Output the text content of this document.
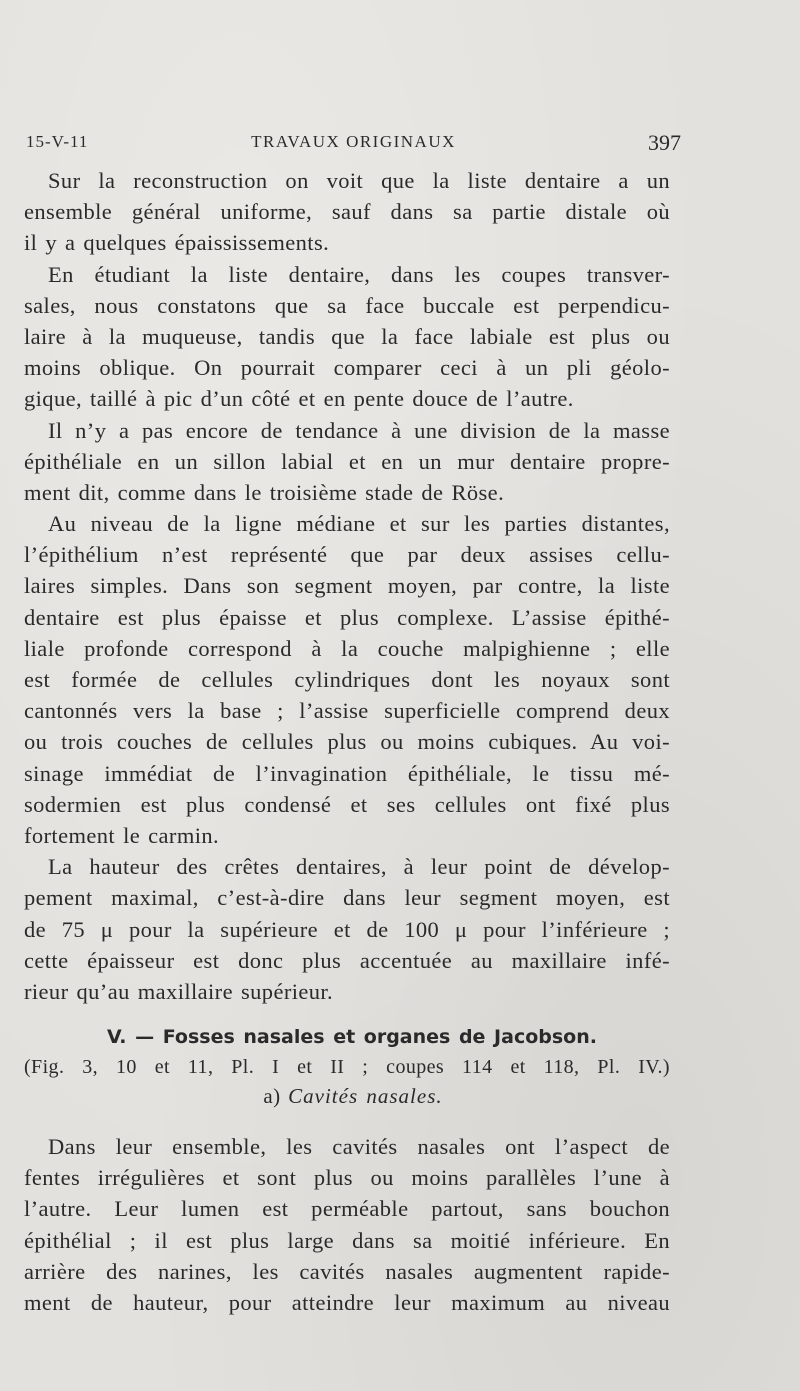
15-V-11	TRAVAUX ORIGINAUX	397
Sur la reconstruction on voit que la liste dentaire a un
ensemble général uniforme, sauf dans sa partie distale où
il y a quelques épaississements.
En étudiant la liste dentaire, dans les coupes transver-
sales, nous constatons que sa face buccale est perpendicu-
laire à la muqueuse, tandis que la face labiale est plus ou
moins oblique. On pourrait comparer ceci à un pli géolo-
gique, taillé à pic d’un côté et en pente douce de l’autre.
Il n’y a pas encore de tendance à une division de la masse
épithéliale en un sillon labial et en un mur dentaire propre-
ment dit, comme dans le troisième stade de Röse.
Au niveau de la ligne médiane et sur les parties distantes,
l’épithélium n’est représenté que par deux assises cellu-
laires simples. Dans son segment moyen, par contre, la liste
dentaire est plus épaisse et plus complexe. L’assise épithé-
liale profonde correspond à la couche malpighienne ; elle
est formée de cellules cylindriques dont les noyaux sont
cantonnés vers la base ; l’assise superficielle comprend deux
ou trois couches de cellules plus ou moins cubiques. Au voi-
sinage immédiat de l’invagination épithéliale, le tissu mé-
sodermien est plus condensé et ses cellules ont fixé plus
fortement le carmin.
La hauteur des crêtes dentaires, à leur point de dévelop-
pement maximal, c’est-à-dire dans leur segment moyen, est
de 75 μ pour la supérieure et de 100 μ pour l’inférieure ;
cette épaisseur est donc plus accentuée au maxillaire infé-
rieur qu’au maxillaire supérieur.
V. — Fosses nasales et organes de Jacobson.
(Fig. 3, 10 et 11, Pl. I et II ; coupes 114 et 118, Pl. IV.)
a) Cavités nasales.
Dans leur ensemble, les cavités nasales ont l’aspect de
fentes irrégulières et sont plus ou moins parallèles l’une à
l’autre. Leur lumen est perméable partout, sans bouchon
épithélial ; il est plus large dans sa moitié inférieure. En
arrière des narines, les cavités nasales augmentent rapide-
ment de hauteur, pour atteindre leur maximum au niveau
